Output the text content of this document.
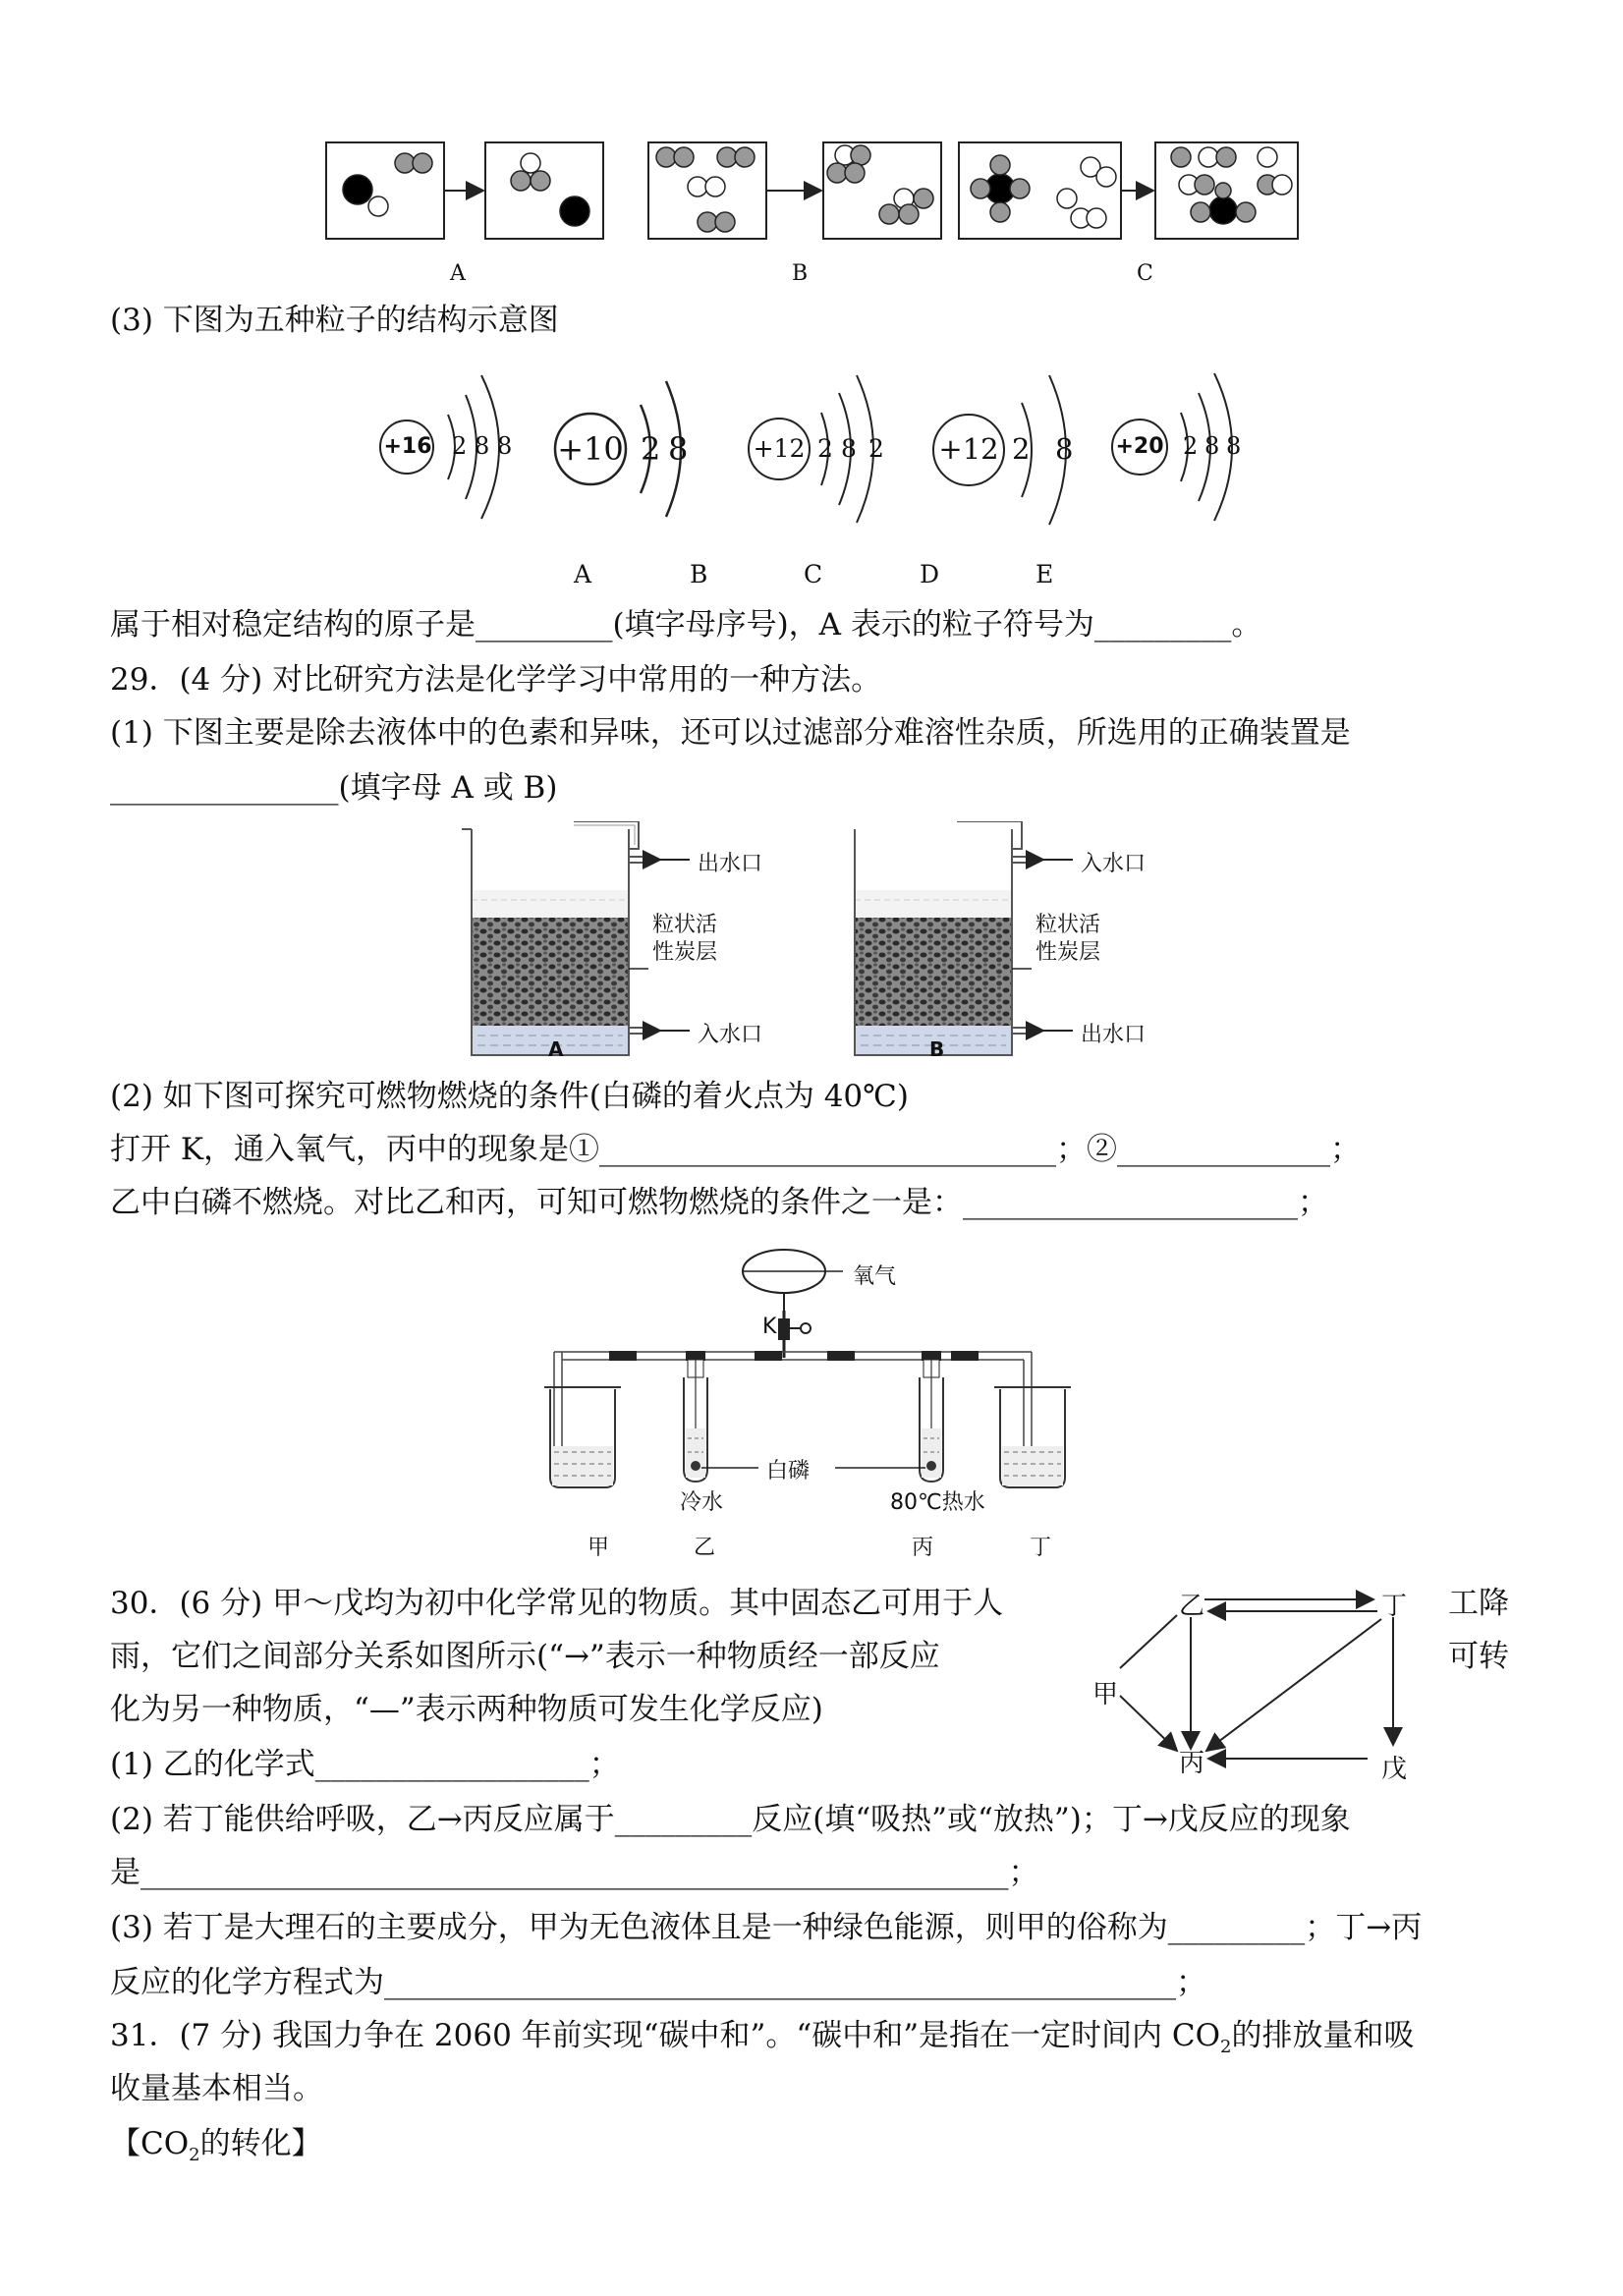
A	B	C
(3) 下图为五种粒子的结构示意图
+16 2 8 8 +10 2 8	+12 2 8 2 +12 2 8 +20 2 8 8
A	B	C	D	E
属于相对稳定结构的原子是_________(填字母序号)，A 表示的粒子符号为_________。
29．(4 分) 对比研究方法是化学学习中常用的一种方法。
(1) 下图主要是除去液体中的色素和异味，还可以过滤部分难溶性杂质，所选用的正确装置是
_______________(填字母 A 或 B)
出水口
粒状活
性炭层
入水口
A
入水口
粒状活
性炭层
出水口
B
(2) 如下图可探究可燃物燃烧的条件(白磷的着火点为 40℃)
打开 K，通入氧气，丙中的现象是①______________________________；②______________；
乙中白磷不燃烧。对比乙和丙，可知可燃物燃烧的条件之一是：______________________；
氧气
K
白磷
冷水	80℃热水
甲	乙	丙	丁
30．(6 分) 甲～戊均为初中化学常见的物质。其中固态乙可用于人	工降
雨，它们之间部分关系如图所示(“→”表示一种物质经一部反应	可转
化为另一种物质，“—”表示两种物质可发生化学反应)
乙	丁
甲
丙	戊
(1) 乙的化学式__________________；
(2) 若丁能供给呼吸，乙→丙反应属于_________反应(填“吸热”或“放热”)；丁→戊反应的现象
是_________________________________________________________；
(3) 若丁是大理石的主要成分，甲为无色液体且是一种绿色能源，则甲的俗称为_________；丁→丙
反应的化学方程式为____________________________________________________；
31．(7 分) 我国力争在 2060 年前实现“碳中和”。“碳中和”是指在一定时间内 $CO_2$的排放量和吸
收量基本相当。
【$CO_2$的转化】
